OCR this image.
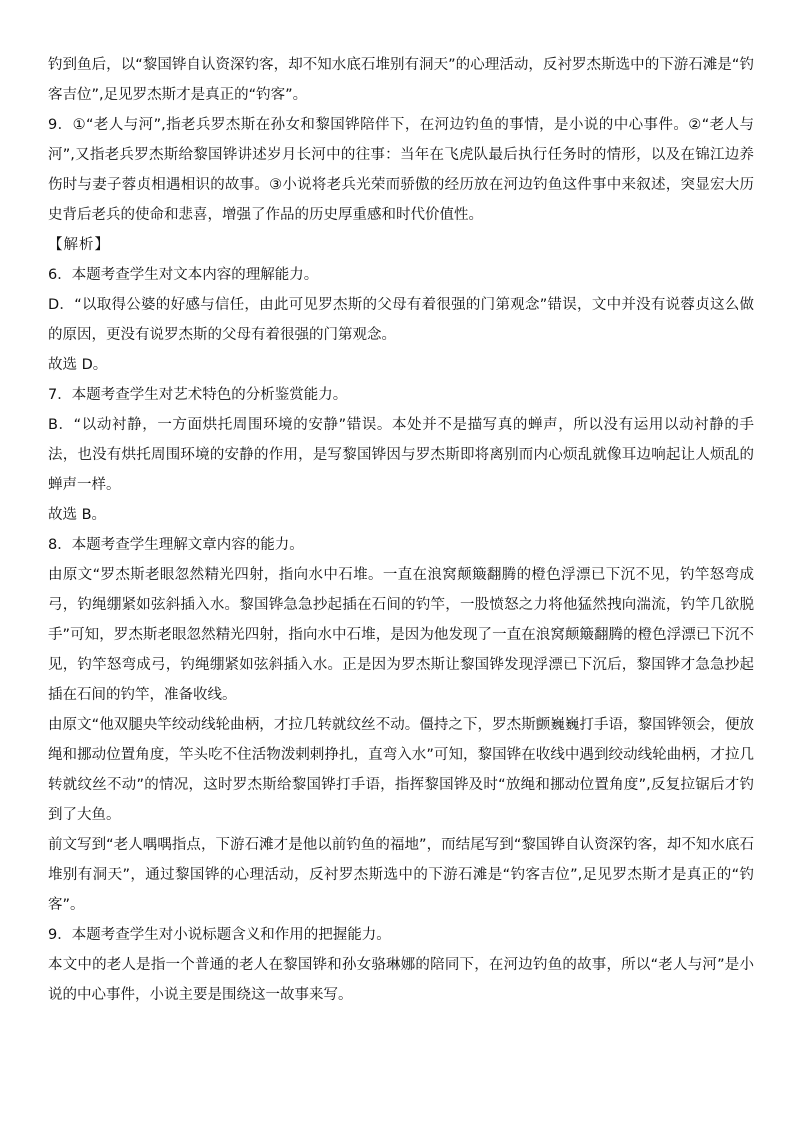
钓到鱼后，以“黎国铧自认资深钓客，却不知水底石堆别有洞天”的心理活动，反衬罗杰斯选中的下游石滩是“钓客吉位”,足见罗杰斯才是真正的“钓客”。

9．①“老人与河”,指老兵罗杰斯在孙女和黎国铧陪伴下，在河边钓鱼的事情，是小说的中心事件。②“老人与河”,又指老兵罗杰斯给黎国铧讲述岁月长河中的往事：当年在飞虎队最后执行任务时的情形，以及在锦江边养伤时与妻子蓉贞相遇相识的故事。③小说将老兵光荣而骄傲的经历放在河边钓鱼这件事中来叙述，突显宏大历史背后老兵的使命和悲喜，增强了作品的历史厚重感和时代价值性。

【解析】

6．本题考查学生对文本内容的理解能力。

D．“以取得公婆的好感与信任，由此可见罗杰斯的父母有着很强的门第观念”错误，文中并没有说蓉贞这么做的原因，更没有说罗杰斯的父母有着很强的门第观念。

故选 D。

7．本题考查学生对艺术特色的分析鉴赏能力。

B．“以动衬静，一方面烘托周围环境的安静”错误。本处并不是描写真的蝉声，所以没有运用以动衬静的手法，也没有烘托周围环境的安静的作用，是写黎国铧因与罗杰斯即将离别而内心烦乱就像耳边响起让人烦乱的蝉声一样。

故选 B。

8．本题考查学生理解文章内容的能力。

由原文“罗杰斯老眼忽然精光四射，指向水中石堆。一直在浪窝颠簸翻腾的橙色浮漂已下沉不见，钓竿怒弯成弓，钓绳绷紧如弦斜插入水。黎国铧急急抄起插在石间的钓竿，一股愤怒之力将他猛然拽向湍流，钓竿几欲脱手”可知，罗杰斯老眼忽然精光四射，指向水中石堆，是因为他发现了一直在浪窝颠簸翻腾的橙色浮漂已下沉不见，钓竿怒弯成弓，钓绳绷紧如弦斜插入水。正是因为罗杰斯让黎国铧发现浮漂已下沉后，黎国铧才急急抄起插在石间的钓竿，准备收线。

由原文“他双腿央竿绞动线轮曲柄，才拉几转就纹丝不动。僵持之下，罗杰斯颤巍巍打手语，黎国铧领会，便放绳和挪动位置角度，竿头吃不住活物泼剌剌挣扎，直弯入水”可知，黎国铧在收线中遇到绞动线轮曲柄，才拉几转就纹丝不动”的情况，这时罗杰斯给黎国铧打手语，指挥黎国铧及时“放绳和挪动位置角度”,反复拉锯后才钓到了大鱼。

前文写到“老人喁喁指点，下游石滩才是他以前钓鱼的福地”，而结尾写到“黎国铧自认资深钓客，却不知水底石堆别有洞天”，通过黎国铧的心理活动，反衬罗杰斯选中的下游石滩是“钓客吉位”,足见罗杰斯才是真正的“钓客”。

9．本题考查学生对小说标题含义和作用的把握能力。

本文中的老人是指一个普通的老人在黎国铧和孙女骆琳娜的陪同下，在河边钓鱼的故事，所以“老人与河”是小说的中心事件，小说主要是围绕这一故事来写。
